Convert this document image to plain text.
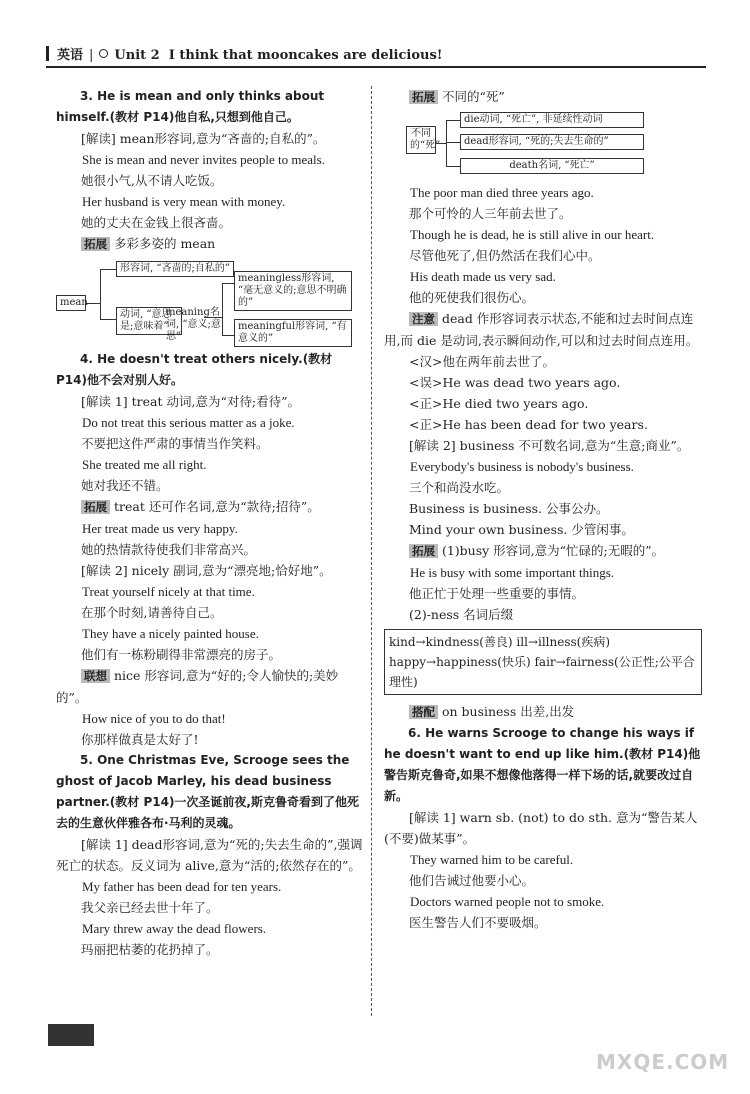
英语 | Unit 2 I think that mooncakes are delicious!

3. He is mean and only thinks about himself.(教材 P14)他自私,只想到他自己。

[解读] mean形容词,意为“吝啬的;自私的”。

She is mean and never invites people to meals.

她很小气,从不请人吃饭。

Her husband is very mean with money.

她的丈夫在金钱上很吝啬。

拓展 多彩多姿的 mean

mean
形容词, “吝啬的;自私的”
动词, “意思是;意味着”
meaning名词, “意义;意思”
meaningless形容词, “毫无意义的;意思不明确的”
meaningful形容词, “有意义的”

4. He doesn't treat others nicely.(教材 P14)他不会对别人好。

[解读 1] treat 动词,意为“对待;看待”。

Do not treat this serious matter as a joke.

不要把这件严肃的事情当作笑料。

She treated me all right.

她对我还不错。

拓展 treat 还可作名词,意为“款待;招待”。

Her treat made us very happy.

她的热情款待使我们非常高兴。

[解读 2] nicely 副词,意为“漂亮地;恰好地”。

Treat yourself nicely at that time.

在那个时刻,请善待自己。

They have a nicely painted house.

他们有一栋粉刷得非常漂亮的房子。

联想 nice 形容词,意为“好的;令人愉快的;美妙的”。

How nice of you to do that!

你那样做真是太好了!

5. One Christmas Eve, Scrooge sees the ghost of Jacob Marley, his dead business partner.(教材 P14)一次圣诞前夜,斯克鲁奇看到了他死去的生意伙伴雅各布·马利的灵魂。

[解读 1] dead形容词,意为“死的;失去生命的”,强调死亡的状态。反义词为 alive,意为“活的;依然存在的”。

My father has been dead for ten years.

我父亲已经去世十年了。

Mary threw away the dead flowers.

玛丽把枯萎的花扔掉了。

拓展 不同的“死”

不同的“死”
die动词, “死亡”, 非延续性动词
dead形容词, “死的;失去生命的”
death名词, “死亡”

The poor man died three years ago.

那个可怜的人三年前去世了。

Though he is dead, he is still alive in our heart.

尽管他死了,但仍然活在我们心中。

His death made us very sad.

他的死使我们很伤心。

注意 dead 作形容词表示状态,不能和过去时间点连用,而 die 是动词,表示瞬间动作,可以和过去时间点连用。

<汉>他在两年前去世了。

<误>He was dead two years ago.

<正>He died two years ago.

<正>He has been dead for two years.

[解读 2] business 不可数名词,意为“生意;商业”。

Everybody's business is nobody's business.

三个和尚没水吃。

Business is business. 公事公办。

Mind your own business. 少管闲事。

拓展 (1)busy 形容词,意为“忙碌的;无暇的”。

He is busy with some important things.

他正忙于处理一些重要的事情。

(2)-ness 名词后缀

kind→kindness(善良) ill→illness(疾病)
happy→happiness(快乐) fair→fairness(公正性;公平合理性)

搭配 on business 出差,出发

6. He warns Scrooge to change his ways if he doesn't want to end up like him.(教材 P14)他警告斯克鲁奇,如果不想像他落得一样下场的话,就要改过自新。

[解读 1] warn sb. (not) to do sth. 意为“警告某人(不要)做某事”。

They warned him to be careful.

他们告诫过他要小心。

Doctors warned people not to smoke.

医生警告人们不要吸烟。

MXQE.COM
